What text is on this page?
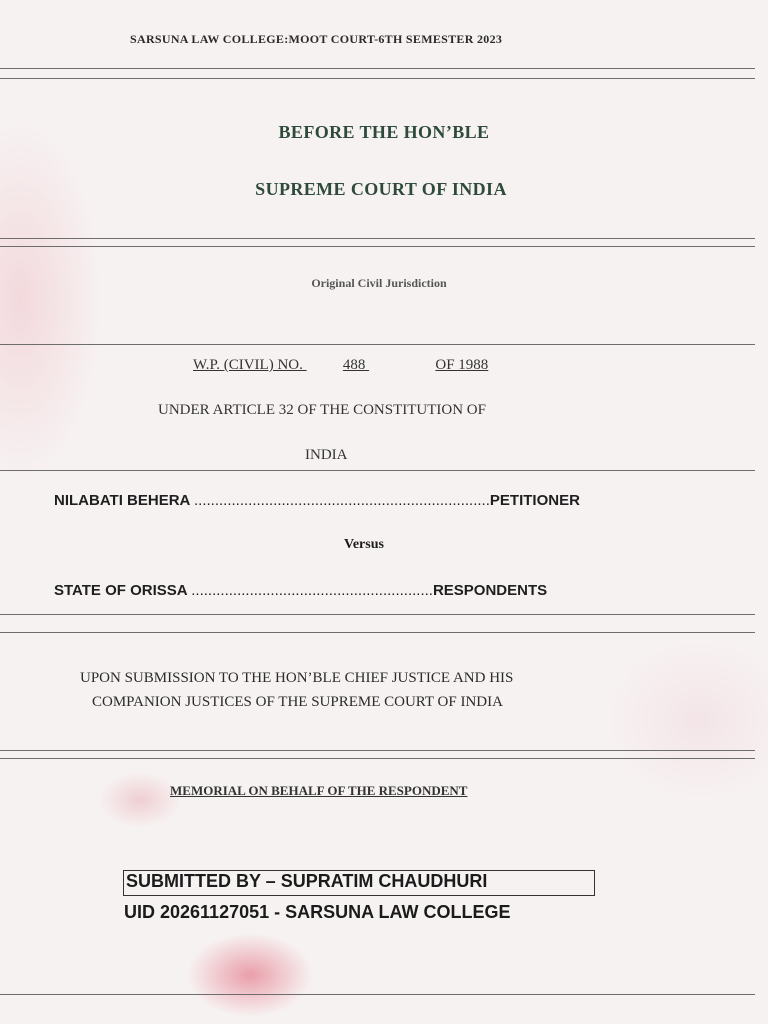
SARSUNA LAW COLLEGE:MOOT COURT-6TH SEMESTER 2023
BEFORE THE HON’BLE
SUPREME COURT OF INDIA
Original Civil Jurisdiction
W.P. (CIVIL) NO.	488	OF 1988
UNDER ARTICLE 32 OF THE CONSTITUTION OF
INDIA
NILABATI BEHERA .......................................................................PETITIONER
Versus
STATE OF ORISSA ..........................................................RESPONDENTS
UPON SUBMISSION TO THE HON’BLE CHIEF JUSTICE AND HIS
COMPANION JUSTICES OF THE SUPREME COURT OF INDIA
MEMORIAL ON BEHALF OF THE RESPONDENT
SUBMITTED BY – SUPRATIM CHAUDHURI
UID 20261127051 - SARSUNA LAW COLLEGE
